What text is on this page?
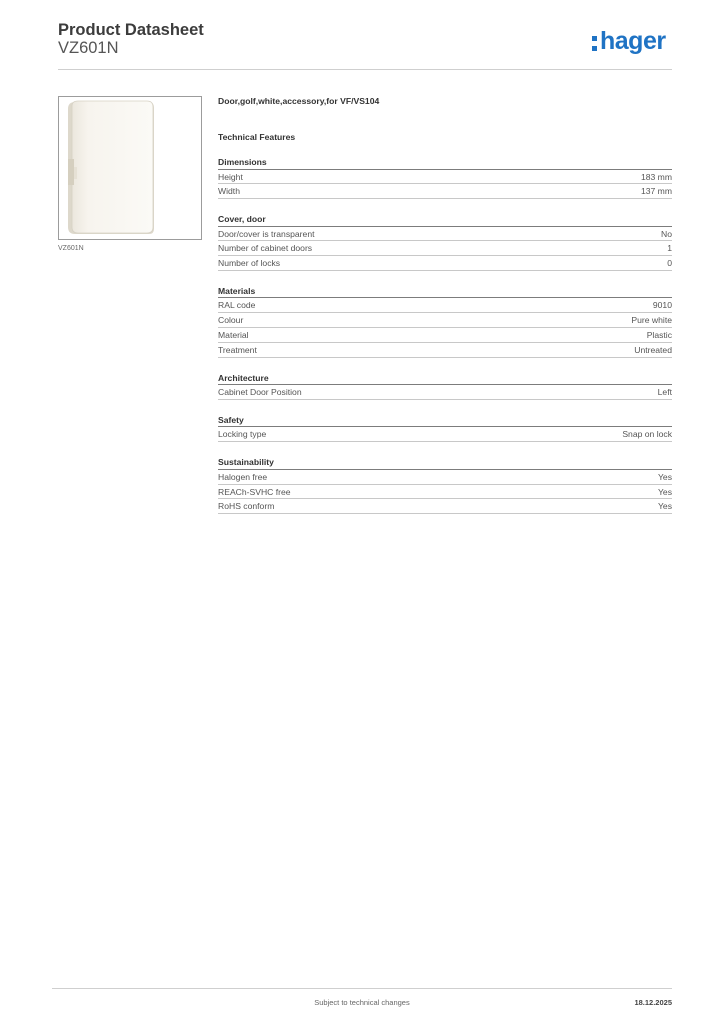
Product Datasheet
VZ601N	hager
VZ601N
Door,golf,white,accessory,for VF/VS104
Technical Features
Dimensions
Height	183 mm
Width	137 mm
Cover, door
Door/cover is transparent	No
Number of cabinet doors	1
Number of locks	0
Materials
RAL code	9010
Colour	Pure white
Material	Plastic
Treatment	Untreated
Architecture
Cabinet Door Position	Left
Safety
Locking type	Snap on lock
Sustainability
Halogen free	Yes
REACh-SVHC free	Yes
RoHS conform	Yes
Subject to technical changes	18.12.2025
